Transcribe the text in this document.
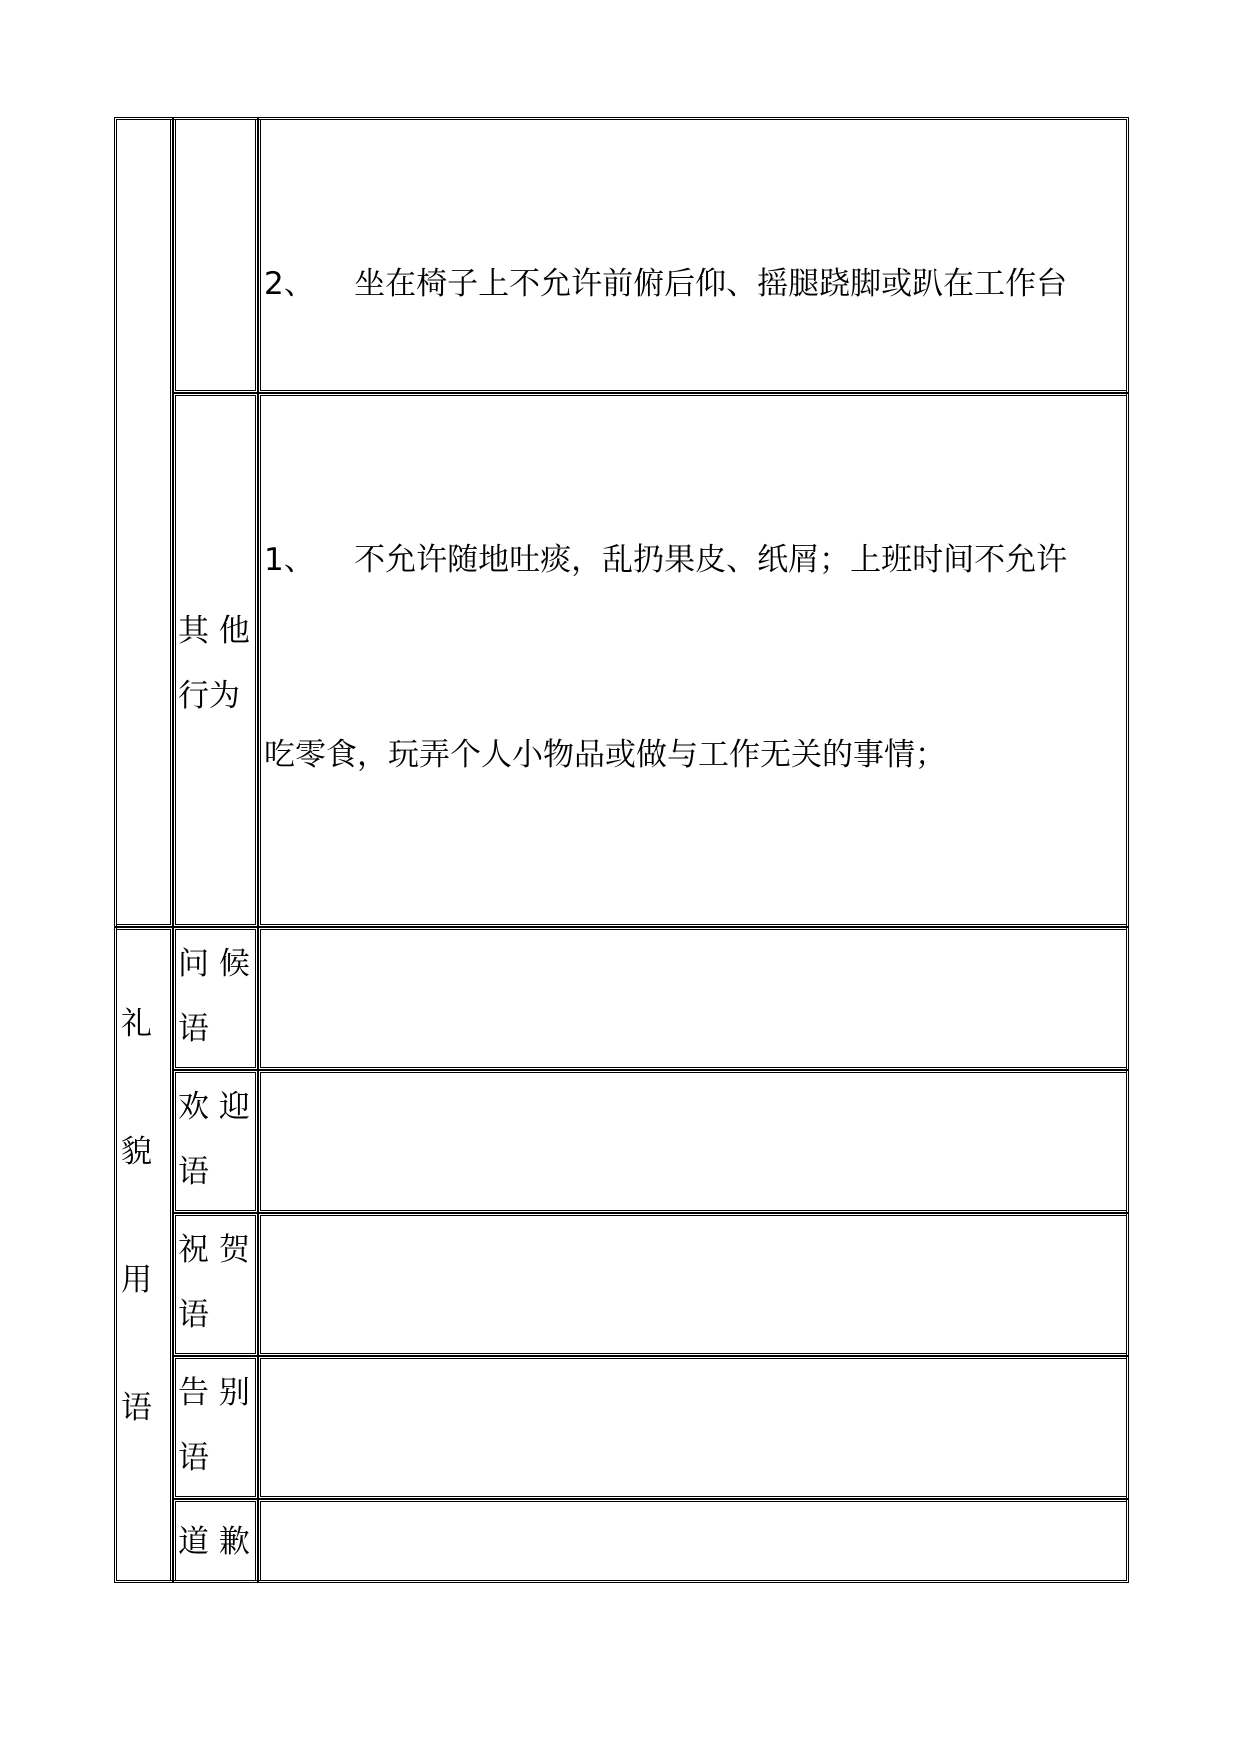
2、    坐在椅子上不允许前俯后仰、摇腿跷脚或趴在工作台

其 他
行为

1、    不允许随地吐痰，乱扔果皮、纸屑；上班时间不允许

吃零食，玩弄个人小物品或做与工作无关的事情；

礼
貌
用
语
问 候
语

欢 迎
语

祝 贺
语

告 别
语

道 歉
